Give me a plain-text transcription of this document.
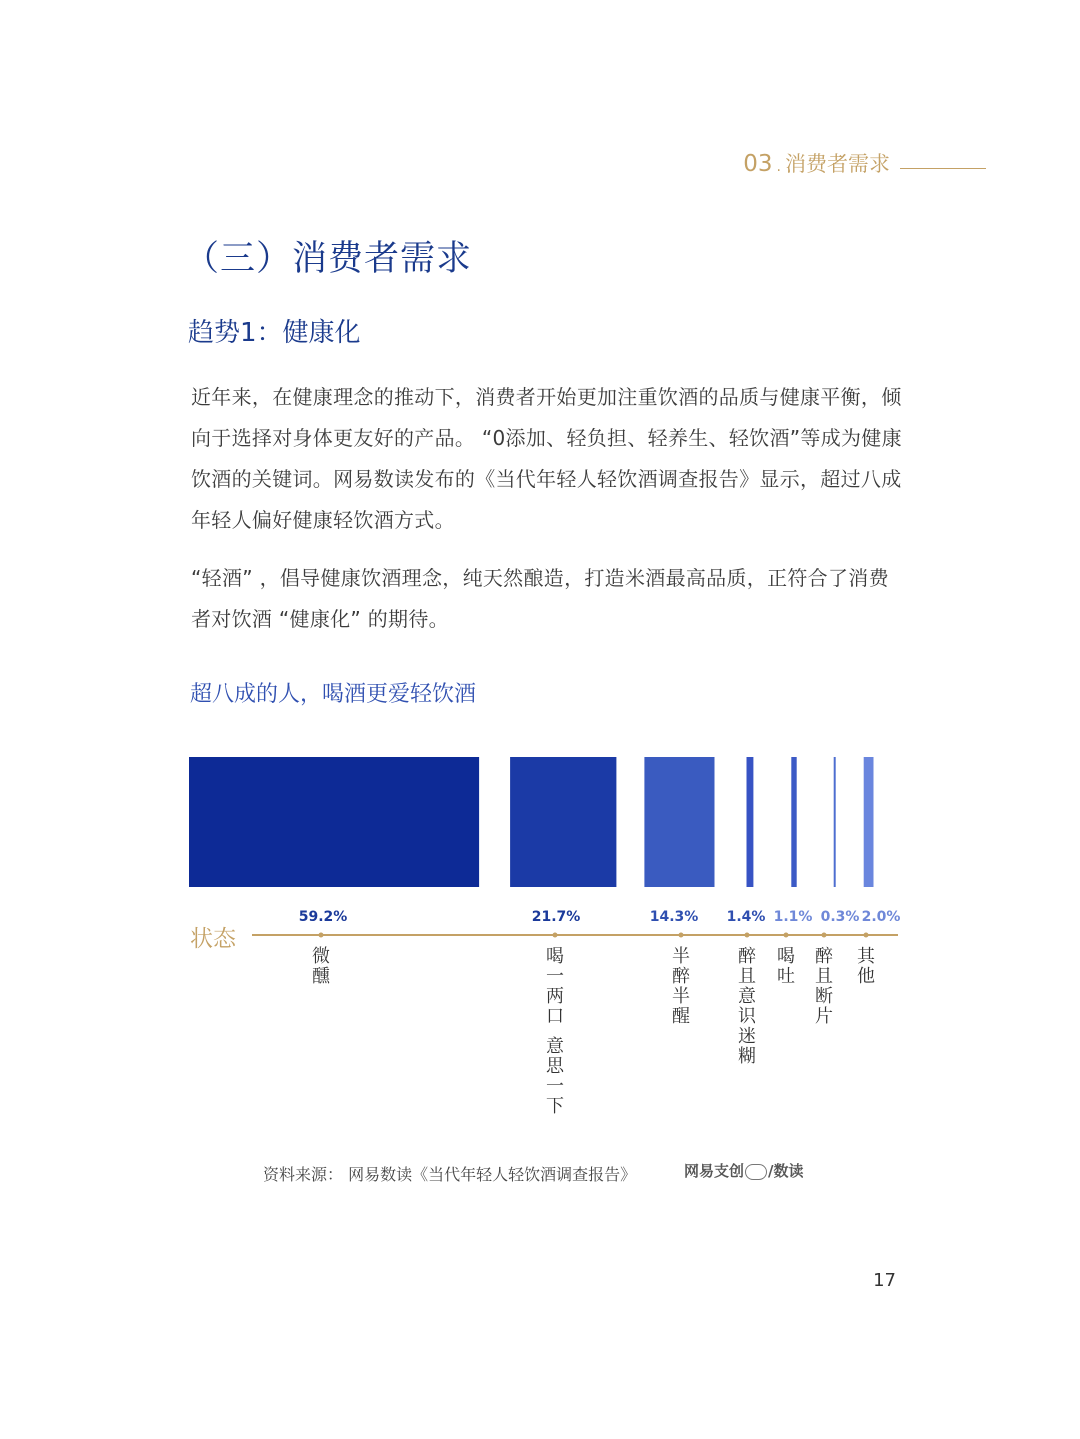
03 . 消费者需求
（三）消费者需求
趋势1：健康化

近年来，在健康理念的推动下，消费者开始更加注重饮酒的品质与健康平衡，倾向于选择对身体更友好的产品。 “0添加、轻负担、轻养生、轻饮酒”等成为健康饮酒的关键词。网易数读发布的《当代年轻人轻饮酒调查报告》显示，超过八成年轻人偏好健康轻饮酒方式。

“轻酒” ，倡导健康饮酒理念，纯天然酿造，打造米酒最高品质，正符合了消费者对饮酒 “健康化” 的期待。

超八成的人，喝酒更爱轻饮酒
状态
59.2%	21.7%	14.3% 1.4% 1.1% 0.3% 2.0%
微
醺
喝
一
两
口

意
思
一
下
半
醉
半
醒
醉
且
意
识
迷
糊
喝
吐
醉
且
断
片
其
他
资料来源： 网易数读《当代年轻人轻饮酒调查报告》	网易支创 /数读
17
